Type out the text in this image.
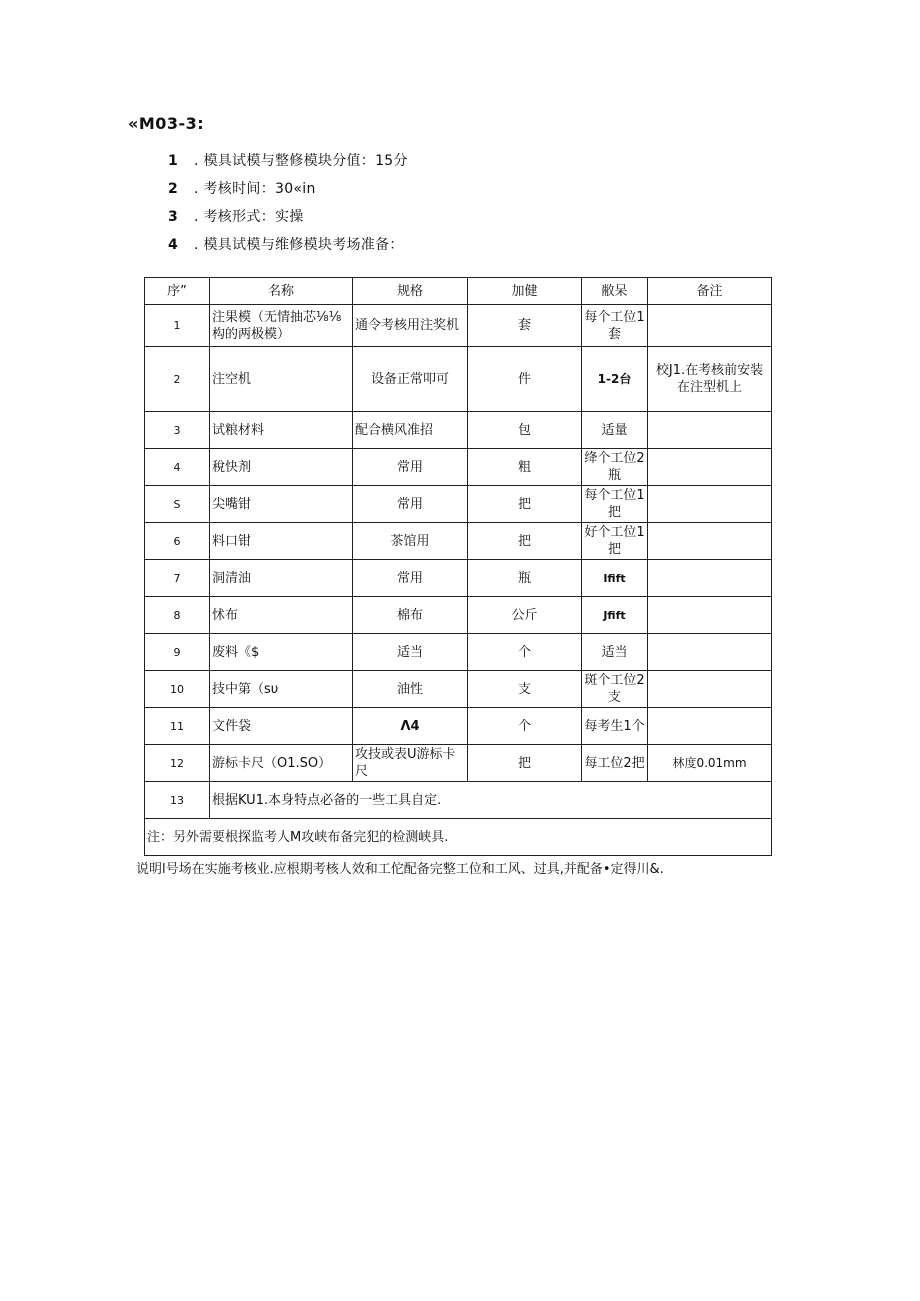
«M03-3:
1 . 模具试模与整修模块分值：15分
2 . 考核时间：30«in
3 . 考核形式：实操
4 . 模具试模与维修模块考场准备：
序”	名称	规格	加健	敝呆	备注
1	注果模（无情抽芯⅛⅛构的两极模）	通令考核用注奖机	套	每个工位1套	
2	注空机	设备正常叩可	件	1-2台	校J1.在考核前安装在注型机上
3	试粮材料	配合横风准招	包	适量	
4	稅快剂	常用	粗	绛个工位2瓶	
S	尖嘴钳	常用	把	每个工位1把	
6	料口钳	茶馆用	把	好个工位1把	
7	洞清油	常用	瓶	Ifift	
8	怵布	棉布	公斤	Jfift	
9	废料《$	适当	个	适当	
10	技中第（sυ	油性	支	斑个工位2支	
11	文件袋	Λ4	个	每考生1个	
12	游标卡尺（O1.SO）	攻技或表U游标卡尺	把	每工位2把	林度0.01mm
13	根据KU1.本身特点必备的一些工具自定.				
注：另外需要根探监考人M攻峡布备完犯的检测峡具.					
说明l号场在实施考核业.应根期考核人效和工佗配备完整工位和工风、过具,并配备•定得川&.
